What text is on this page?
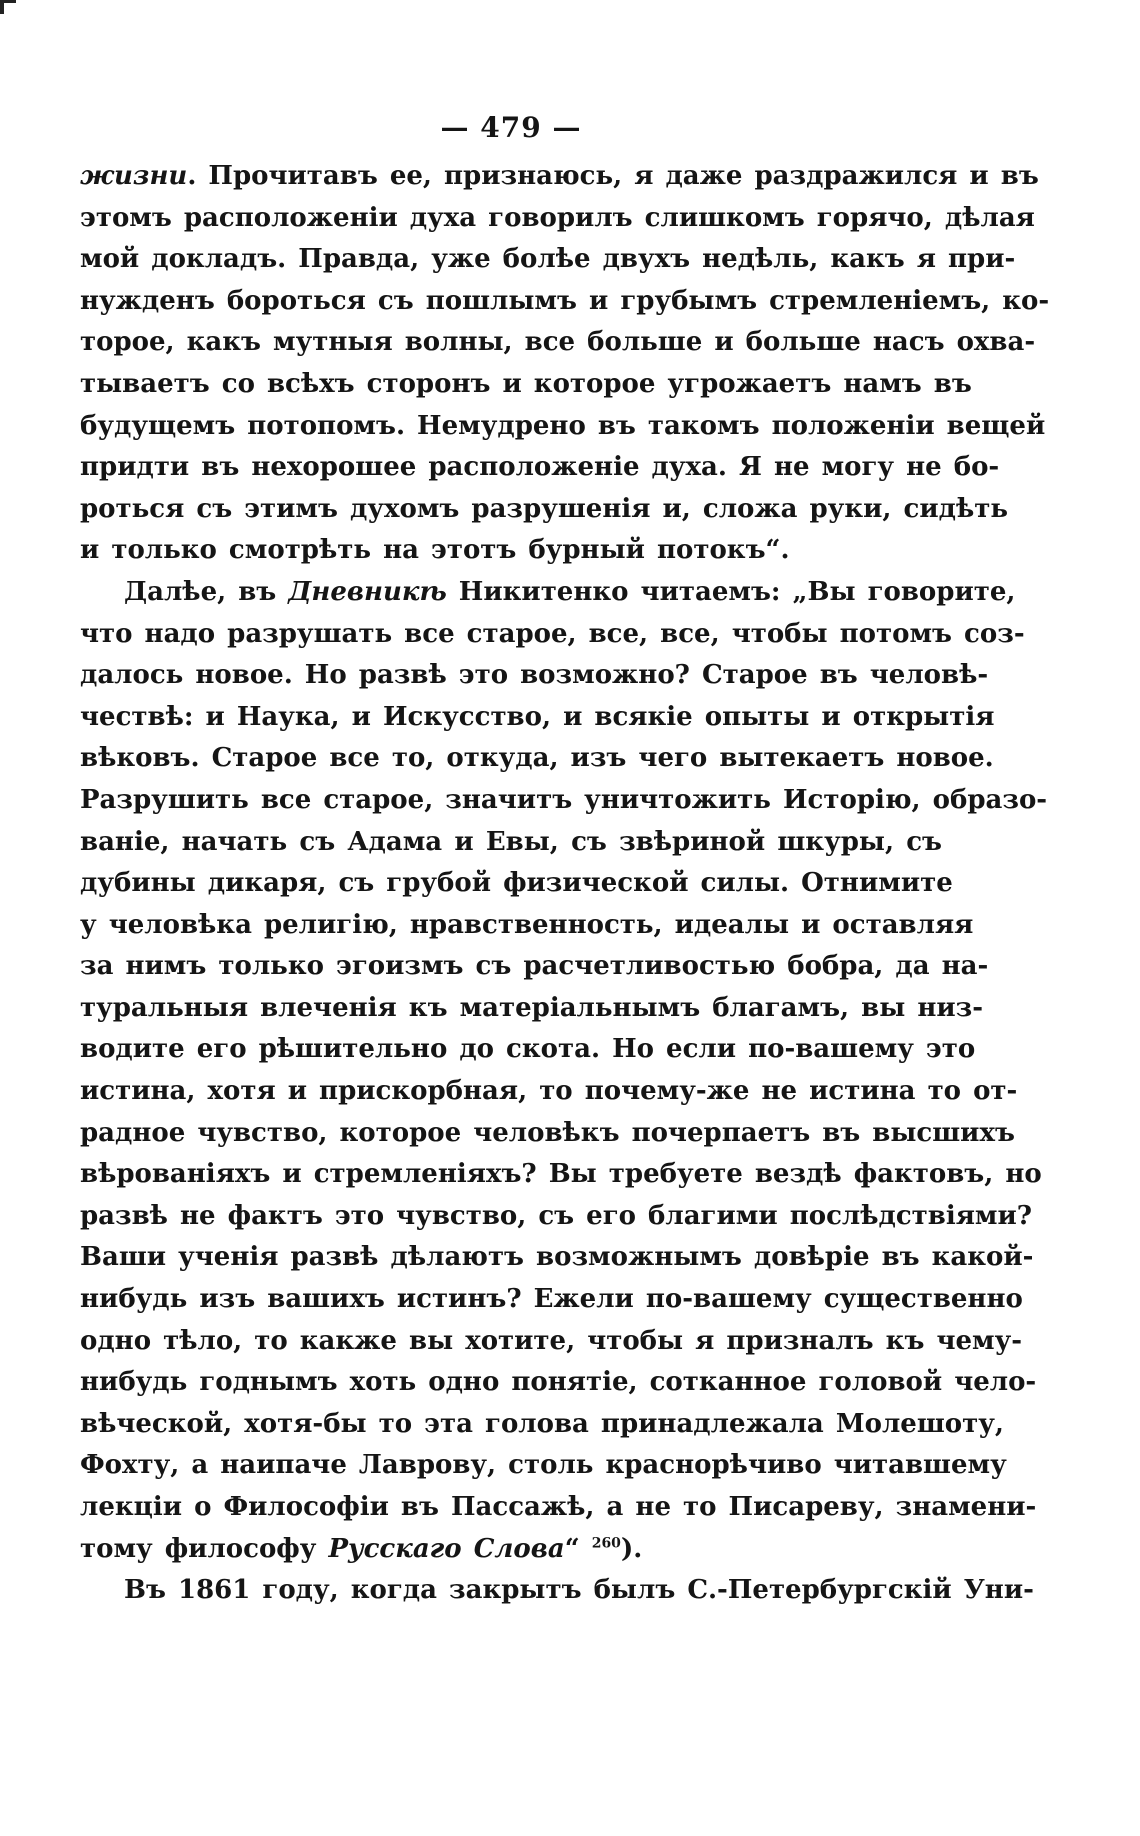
— 479 —
жизни. Прочитавъ ее, признаюсь, я даже раздражился и въ
этомъ расположеніи духа говорилъ слишкомъ горячо, дѣлая
мой докладъ. Правда, уже болѣе двухъ недѣль, какъ я при-
нужденъ бороться съ пошлымъ и грубымъ стремленіемъ, ко-
торое, какъ мутныя волны, все больше и больше насъ охва-
тываетъ со всѣхъ сторонъ и которое угрожаетъ намъ въ
будущемъ потопомъ. Немудрено въ такомъ положеніи вещей
придти въ нехорошее расположеніе духа. Я не могу не бо-
роться съ этимъ духомъ разрушенія и, сложа руки, сидѣть
и только смотрѣть на этотъ бурный потокъ“.
Далѣе, въ Дневникѣ Никитенко читаемъ: „Вы говорите,
что надо разрушать все старое, все, все, чтобы потомъ соз-
далось новое. Но развѣ это возможно? Старое въ человѣ-
чествѣ: и Наука, и Искусство, и всякіе опыты и открытія
вѣковъ. Старое все то, откуда, изъ чего вытекаетъ новое.
Разрушить все старое, значитъ уничтожить Исторію, образо-
ваніе, начать съ Адама и Евы, съ звѣриной шкуры, съ
дубины дикаря, съ грубой физической силы. Отнимите
у человѣка религію, нравственность, идеалы и оставляя
за нимъ только эгоизмъ съ расчетливостью бобра, да на-
туральныя влеченія къ матеріальнымъ благамъ, вы низ-
водите его рѣшительно до скота. Но если по-вашему это
истина, хотя и прискорбная, то почему-же не истина то от-
радное чувство, которое человѣкъ почерпаетъ въ высшихъ
вѣрованіяхъ и стремленіяхъ? Вы требуете вездѣ фактовъ, но
развѣ не фактъ это чувство, съ его благими послѣдствіями?
Ваши ученія развѣ дѣлаютъ возможнымъ довѣріе въ какой-
нибудь изъ вашихъ истинъ? Ежели по-вашему существенно
одно тѣло, то какже вы хотите, чтобы я призналъ къ чему-
нибудь годнымъ хоть одно понятіе, сотканное головой чело-
вѣческой, хотя-бы то эта голова принадлежала Молешоту,
Фохту, а наипаче Лаврову, столь краснорѣчиво читавшему
лекціи о Философіи въ Пассажѣ, а не то Писареву, знамени-
тому философу Русскаго Слова“ $^{260}$).
Въ 1861 году, когда закрытъ былъ С.-Петербургскій Уни-
